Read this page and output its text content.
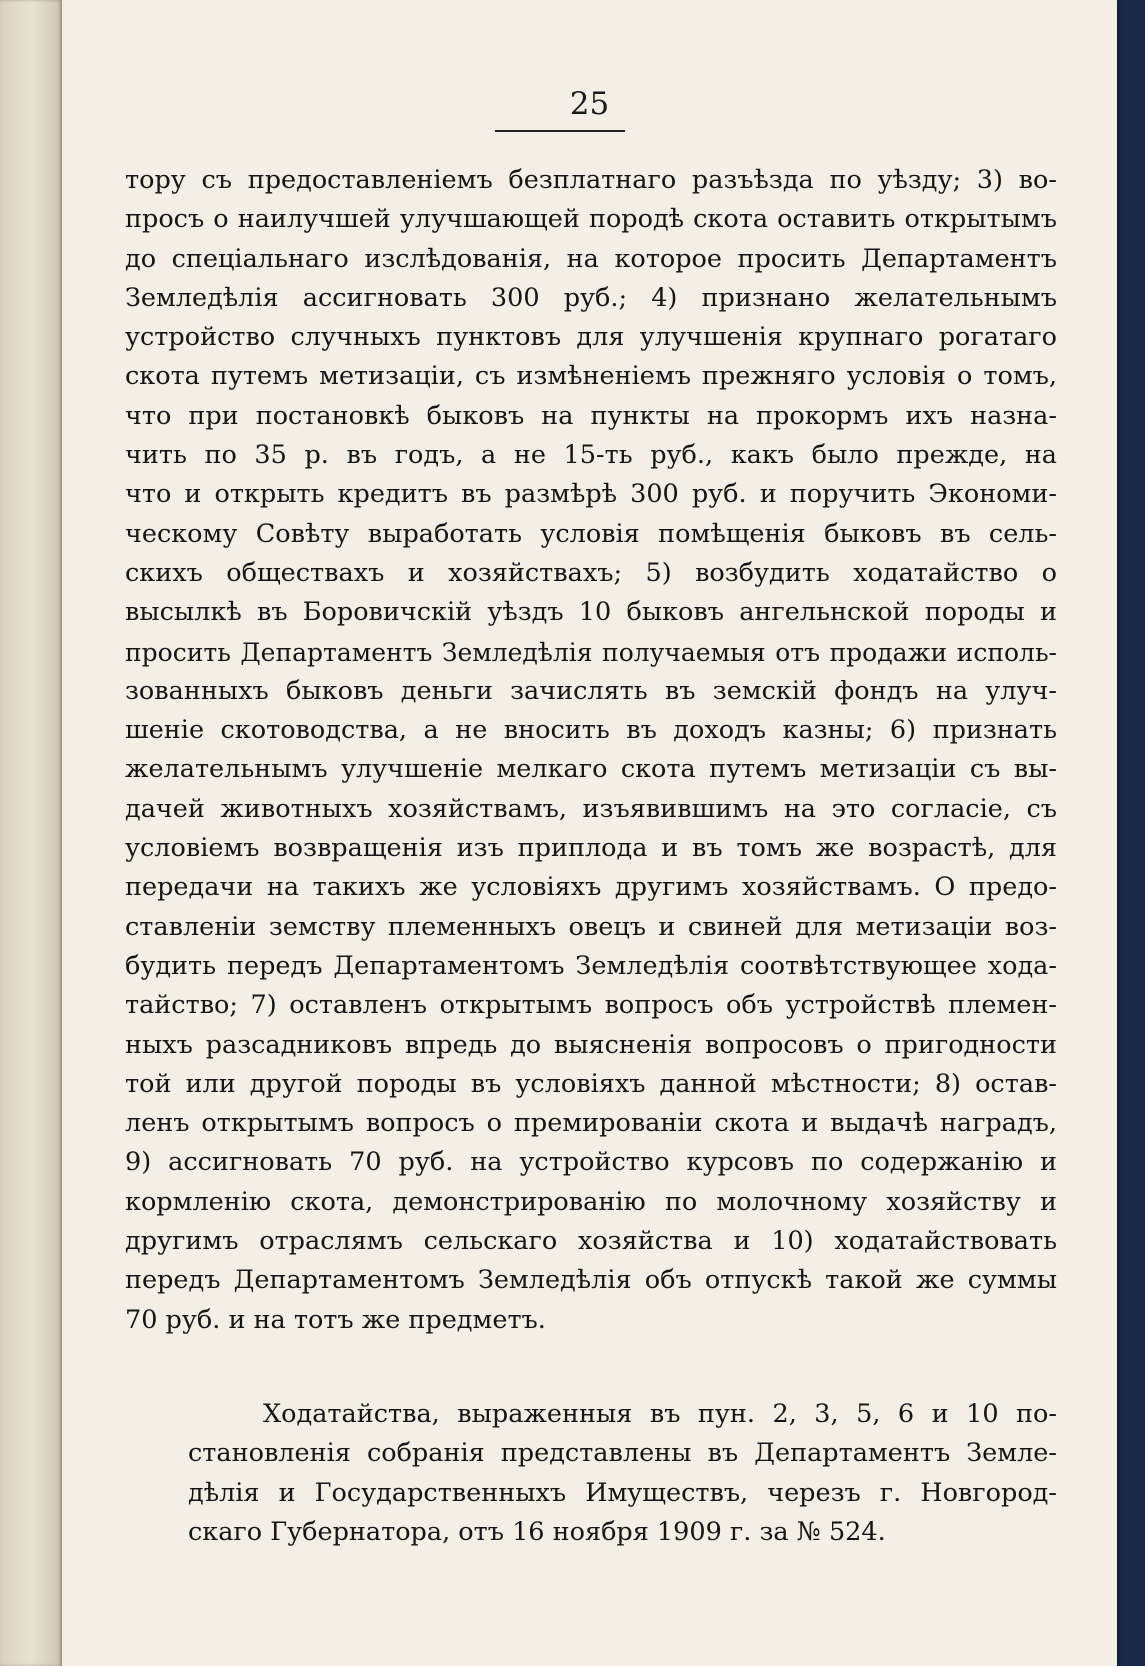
25

тору съ предоставленіемъ безплатнаго разъѣзда по уѣзду; 3) во-
просъ о наилучшей улучшающей породѣ скота оставить открытымъ
до спеціальнаго изслѣдованія, на которое просить Департаментъ
Земледѣлія ассигновать 300 руб.; 4) признано желательнымъ
устройство случныхъ пунктовъ для улучшенія крупнаго рогатаго
скота путемъ метизаціи, съ измѣненіемъ прежняго условія о томъ,
что при постановкѣ быковъ на пункты на прокормъ ихъ назна-
чить по 35 р. въ годъ, а не 15-ть руб., какъ было прежде, на
что и открыть кредитъ въ размѣрѣ 300 руб. и поручить Экономи-
ческому Совѣту выработать условія помѣщенія быковъ въ сель-
скихъ обществахъ и хозяйствахъ; 5) возбудить ходатайство о
высылкѣ въ Боровичскій уѣздъ 10 быковъ ангельнской породы и
просить Департаментъ Земледѣлія получаемыя отъ продажи исполь-
зованныхъ быковъ деньги зачислять въ земскій фондъ на улуч-
шеніе скотоводства, а не вносить въ доходъ казны; 6) признать
желательнымъ улучшеніе мелкаго скота путемъ метизаціи съ вы-
дачей животныхъ хозяйствамъ, изъявившимъ на это согласіе, съ
условіемъ возвращенія изъ приплода и въ томъ же возрастѣ, для
передачи на такихъ же условіяхъ другимъ хозяйствамъ. О предо-
ставленіи земству племенныхъ овецъ и свиней для метизаціи воз-
будить передъ Департаментомъ Земледѣлія соотвѣтствующее хода-
тайство; 7) оставленъ открытымъ вопросъ объ устройствѣ племен-
ныхъ разсадниковъ впредь до выясненія вопросовъ о пригодности
той или другой породы въ условіяхъ данной мѣстности; 8) остав-
ленъ открытымъ вопросъ о премированіи скота и выдачѣ наградъ,
9) ассигновать 70 руб. на устройство курсовъ по содержанію и
кормленію скота, демонстрированію по молочному хозяйству и
другимъ отраслямъ сельскаго хозяйства и 10) ходатайствовать
передъ Департаментомъ Земледѣлія объ отпускѣ такой же суммы
70 руб. и на тотъ же предметъ.
Ходатайства, выраженныя въ пун. 2, 3, 5, 6 и 10 по-
становленія собранія представлены въ Департаментъ Земле-
дѣлія и Государственныхъ Имуществъ, черезъ г. Новгород-
скаго Губернатора, отъ 16 ноября 1909 г. за № 524.
